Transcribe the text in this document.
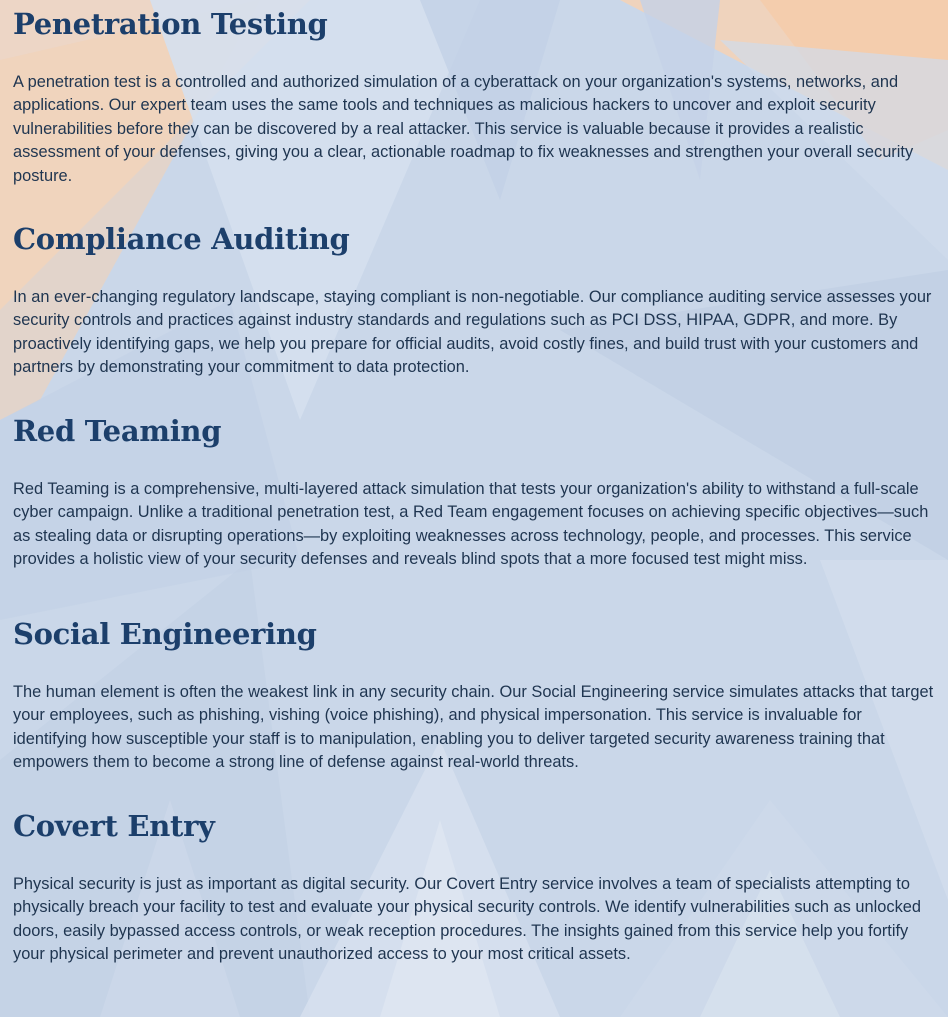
Penetration Testing

A penetration test is a controlled and authorized simulation of a cyberattack on your organization's systems, networks, and applications. Our expert team uses the same tools and techniques as malicious hackers to uncover and exploit security vulnerabilities before they can be discovered by a real attacker. This service is valuable because it provides a realistic assessment of your defenses, giving you a clear, actionable roadmap to fix weaknesses and strengthen your overall security posture.

Compliance Auditing

In an ever-changing regulatory landscape, staying compliant is non-negotiable. Our compliance auditing service assesses your security controls and practices against industry standards and regulations such as PCI DSS, HIPAA, GDPR, and more. By proactively identifying gaps, we help you prepare for official audits, avoid costly fines, and build trust with your customers and partners by demonstrating your commitment to data protection.

Red Teaming

Red Teaming is a comprehensive, multi-layered attack simulation that tests your organization's ability to withstand a full-scale cyber campaign. Unlike a traditional penetration test, a Red Team engagement focuses on achieving specific objectives—such as stealing data or disrupting operations—by exploiting weaknesses across technology, people, and processes. This service provides a holistic view of your security defenses and reveals blind spots that a more focused test might miss.

Social Engineering

The human element is often the weakest link in any security chain. Our Social Engineering service simulates attacks that target your employees, such as phishing, vishing (voice phishing), and physical impersonation. This service is invaluable for identifying how susceptible your staff is to manipulation, enabling you to deliver targeted security awareness training that empowers them to become a strong line of defense against real-world threats.

Covert Entry

Physical security is just as important as digital security. Our Covert Entry service involves a team of specialists attempting to physically breach your facility to test and evaluate your physical security controls. We identify vulnerabilities such as unlocked doors, easily bypassed access controls, or weak reception procedures. The insights gained from this service help you fortify your physical perimeter and prevent unauthorized access to your most critical assets.
